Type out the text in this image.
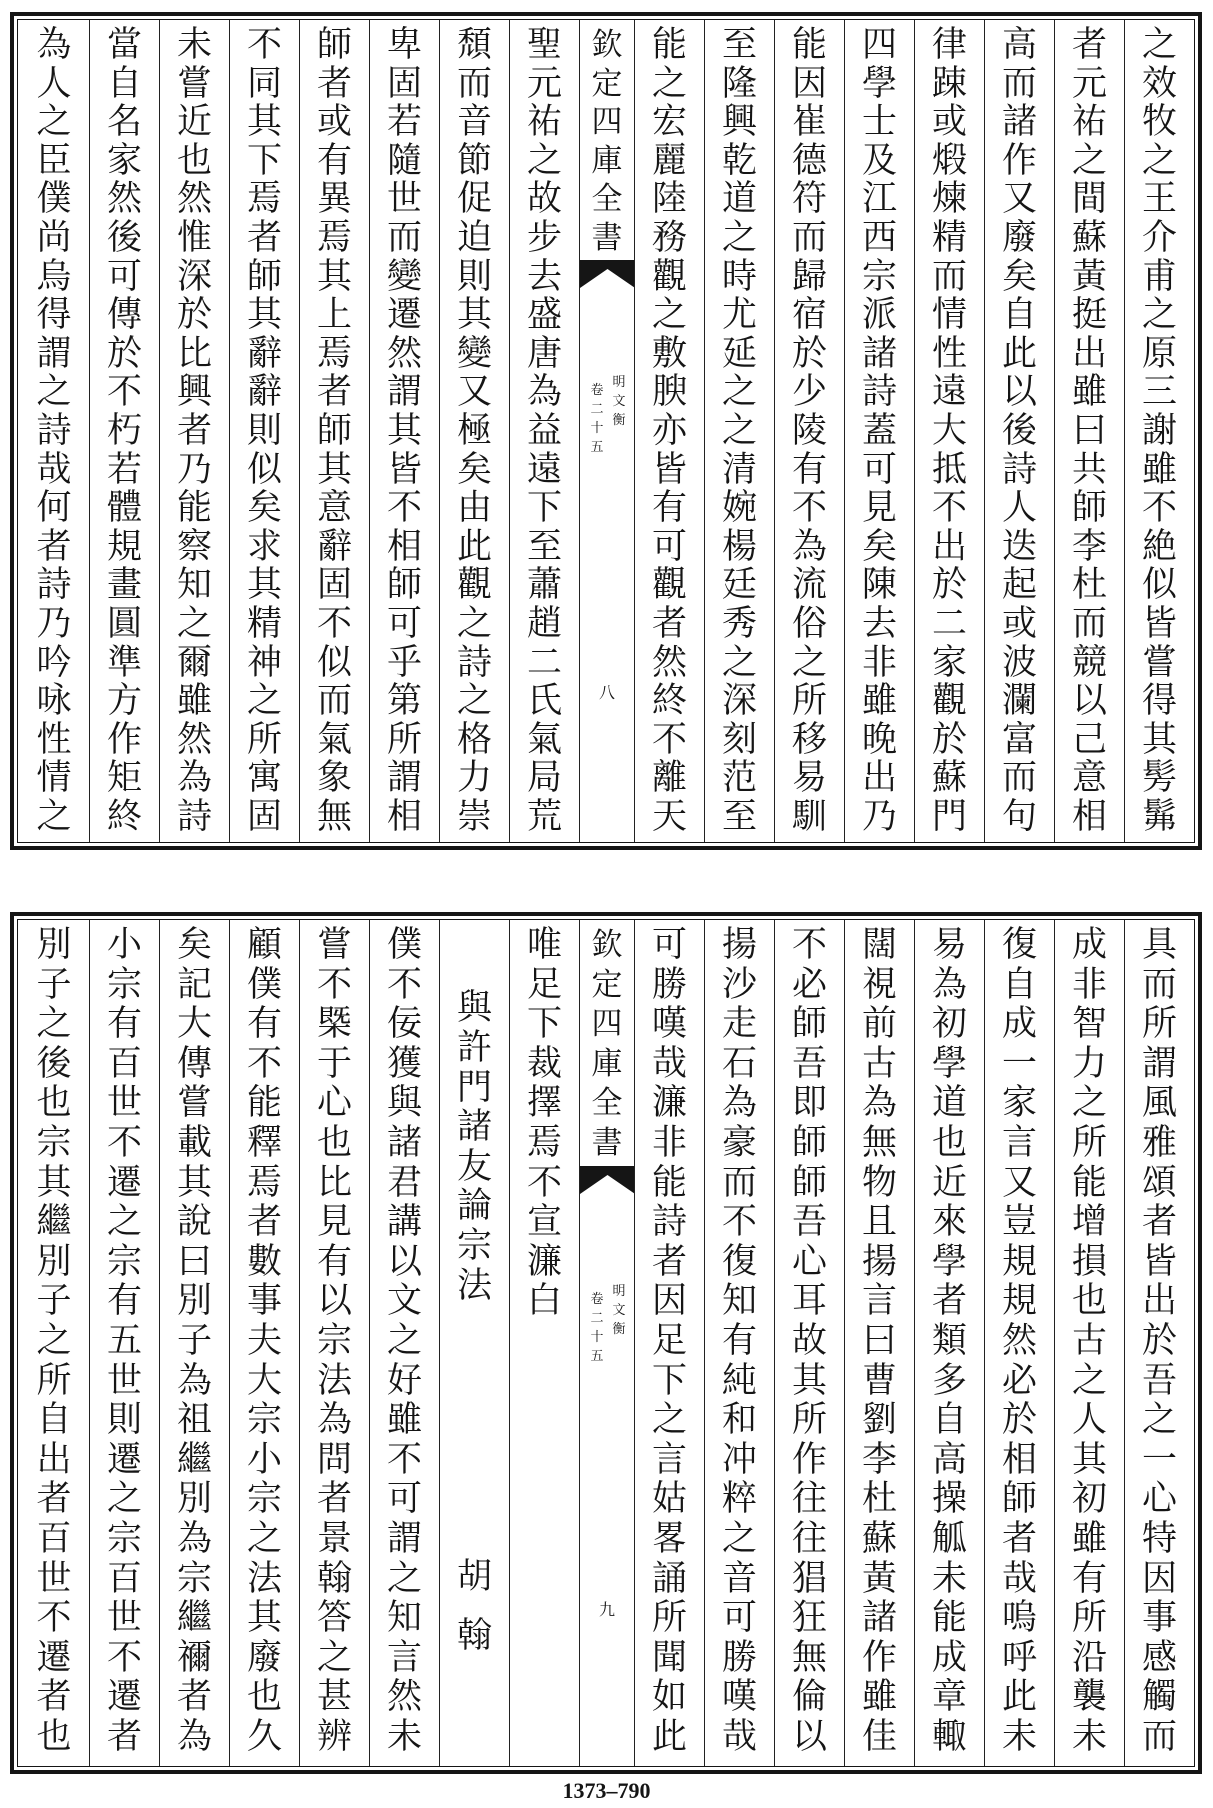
之
效
牧
之
王
介
甫
之
原
三
謝
雖
不
絶
似
皆
嘗
得
其
髣
髴
者
元
祐
之
間
蘇
黃
挺
出
雖
曰
共
師
李
杜
而
競
以
己
意
相
高
而
諸
作
又
廢
矣
自
此
以
後
詩
人
迭
起
或
波
瀾
富
而
句
律
踈
或
煅
煉
精
而
情
性
遠
大
抵
不
出
於
二
家
觀
於
蘇
門
四
學
士
及
江
西
宗
派
諸
詩
蓋
可
見
矣
陳
去
非
雖
晚
出
乃
能
因
崔
德
符
而
歸
宿
於
少
陵
有
不
為
流
俗
之
所
移
易
馴
至
隆
興
乾
道
之
時
尤
延
之
之
清
婉
楊
廷
秀
之
深
刻
范
至
能
之
宏
麗
陸
務
觀
之
敷
腴
亦
皆
有
可
觀
者
然
終
不
離
天
欽
定
四
庫
全
書
明
文
衡
卷
二
十
五
八
聖
元
祐
之
故
步
去
盛
唐
為
益
遠
下
至
蕭
趙
二
氏
氣
局
荒
頹
而
音
節
促
迫
則
其
變
又
極
矣
由
此
觀
之
詩
之
格
力
崇
卑
固
若
隨
世
而
變
遷
然
謂
其
皆
不
相
師
可
乎
第
所
謂
相
師
者
或
有
異
焉
其
上
焉
者
師
其
意
辭
固
不
似
而
氣
象
無
不
同
其
下
焉
者
師
其
辭
辭
則
似
矣
求
其
精
神
之
所
寓
固
未
嘗
近
也
然
惟
深
於
比
興
者
乃
能
察
知
之
爾
雖
然
為
詩
當
自
名
家
然
後
可
傳
於
不
朽
若
體
規
畫
圓
準
方
作
矩
終
為
人
之
臣
僕
尚
烏
得
謂
之
詩
哉
何
者
詩
乃
吟
咏
性
情
之
具
而
所
謂
風
雅
頌
者
皆
出
於
吾
之
一
心
特
因
事
感
觸
而
成
非
智
力
之
所
能
增
損
也
古
之
人
其
初
雖
有
所
沿
襲
未
復
自
成
一
家
言
又
豈
規
規
然
必
於
相
師
者
哉
嗚
呼
此
未
易
為
初
學
道
也
近
來
學
者
類
多
自
高
操
觚
未
能
成
章
輙
闊
視
前
古
為
無
物
且
揚
言
曰
曹
劉
李
杜
蘇
黃
諸
作
雖
佳
不
必
師
吾
即
師
師
吾
心
耳
故
其
所
作
往
往
猖
狂
無
倫
以
揚
沙
走
石
為
豪
而
不
復
知
有
純
和
冲
粹
之
音
可
勝
嘆
哉
可
勝
嘆
哉
濂
非
能
詩
者
因
足
下
之
言
姑
畧
誦
所
聞
如
此
欽
定
四
庫
全
書
明
文
衡
卷
二
十
五
九
唯
足
下
裁
擇
焉
不
宣
濂
白
與
許
門
諸
友
論
宗
法
胡
翰
僕
不
佞
獲
與
諸
君
講
以
文
之
好
雖
不
可
謂
之
知
言
然
未
嘗
不
槩
于
心
也
比
見
有
以
宗
法
為
問
者
景
翰
答
之
甚
辨
顧
僕
有
不
能
釋
焉
者
數
事
夫
大
宗
小
宗
之
法
其
廢
也
久
矣
記
大
傳
嘗
載
其
說
曰
別
子
為
祖
繼
別
為
宗
繼
禰
者
為
小
宗
有
百
世
不
遷
之
宗
有
五
世
則
遷
之
宗
百
世
不
遷
者
別
子
之
後
也
宗
其
繼
別
子
之
所
自
出
者
百
世
不
遷
者
也
1373–790
